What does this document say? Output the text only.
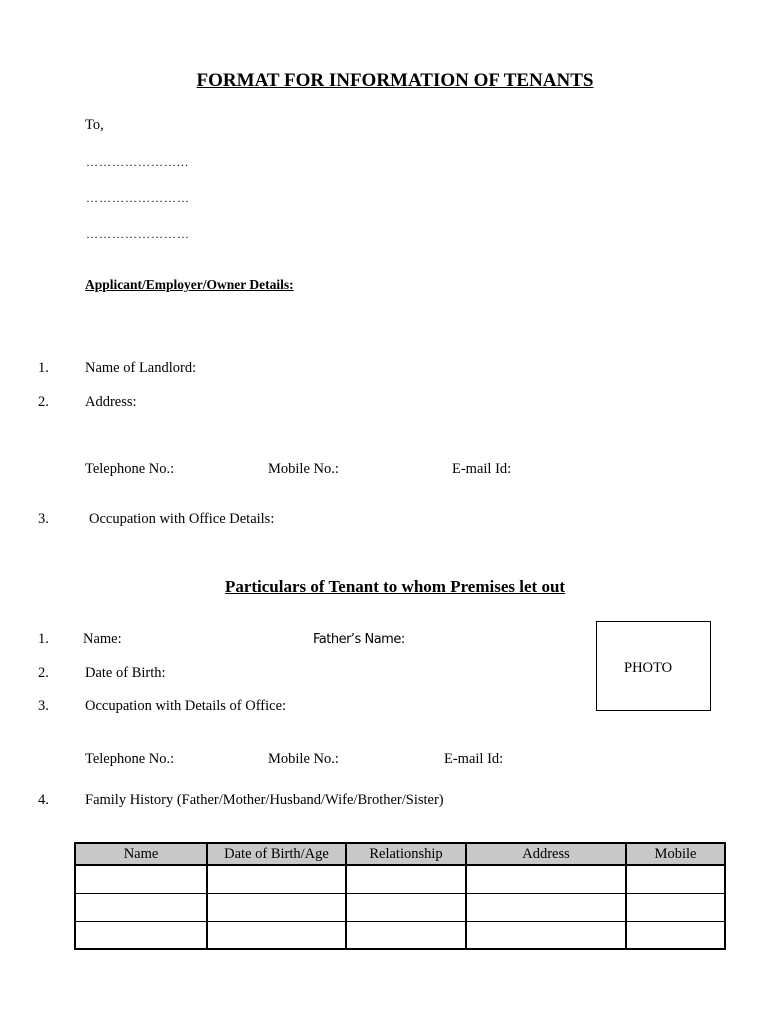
FORMAT FOR INFORMATION OF TENANTS
To,
…………………...
……………………
……………………
Applicant/Employer/Owner Details:
1. Name of Landlord:
2. Address:
Telephone No.:	Mobile No.:	E-mail Id:
3.	Occupation with Office Details:
Particulars of Tenant to whom Premises let out
1. Name:	Father’s Name:
PHOTO
2. Date of Birth:
3. Occupation with Details of Office:
Telephone No.:	Mobile No.:	E-mail Id:
4. Family History (Father/Mother/Husband/Wife/Brother/Sister)
Name	Date of Birth/Age	Relationship	Address	Mobile
